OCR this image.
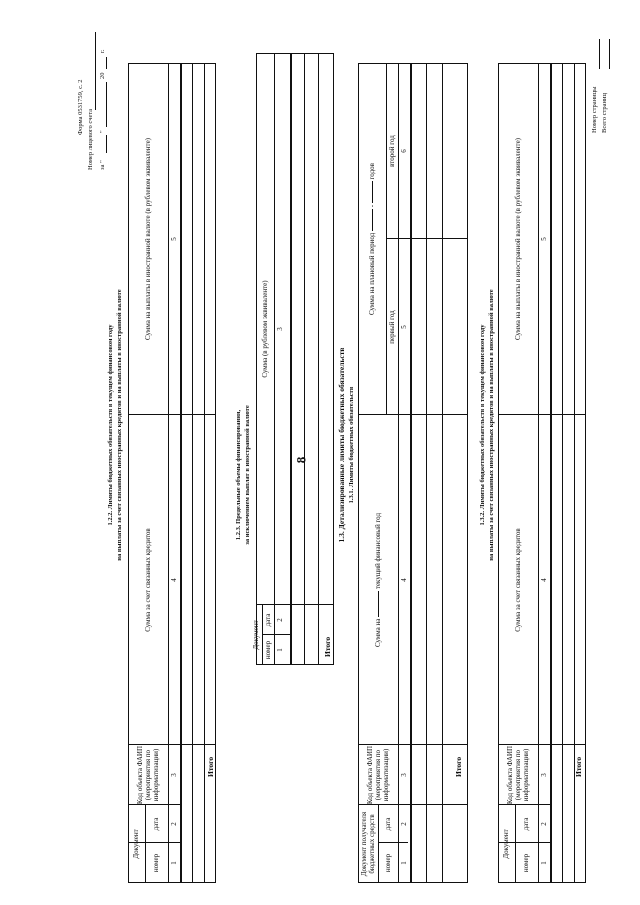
8
Форма 0531759, с. 2
Номер лицевого счета за "
"
20
г.
1.2.2. Лимиты бюджетных обязательств в текущем финансовом году на выплаты за счет связанных иностранных кредитов и на выплаты в иностранной валюте
Документ
номер
дата
Код объекта ФАИП (мероприятия по информатизации)
Сумма за счет связанных кредитов
Сумма на выплаты в иностранной валюте (в рублевом эквиваленте)
1
2
3
4
5
Итого
1.2.3. Предельные объемы финансирования, за исключением выплат в иностранной валюте
Документ
номер
дата
Сумма (в рублевом эквиваленте)
1
2
3
Итого
1.3. Детализированные лимиты бюджетных обязательств 1.3.1. Лимиты бюджетных обязательств
Документ получателя бюджетных средств	номер
дата
Код объекта ФАИП (мероприятия по информатизации)
Сумма на

текущий финансовый год
Сумма на плановый период

-

годов
первый год
второй год
1
2
3
4
5
6
Итого
1.3.2. Лимиты бюджетных обязательств в текущем финансовом году на выплаты за счет связанных иностранных кредитов и на выплаты в иностранной валюте
Документ
номер
дата
Код объекта ФАИП (мероприятия по информатизации)
Сумма за счет связанных кредитов
Сумма на выплаты в иностранной валюте (в рублевом эквиваленте)
1
2
3
4
5
Итого
Номер страницы Всего страниц
